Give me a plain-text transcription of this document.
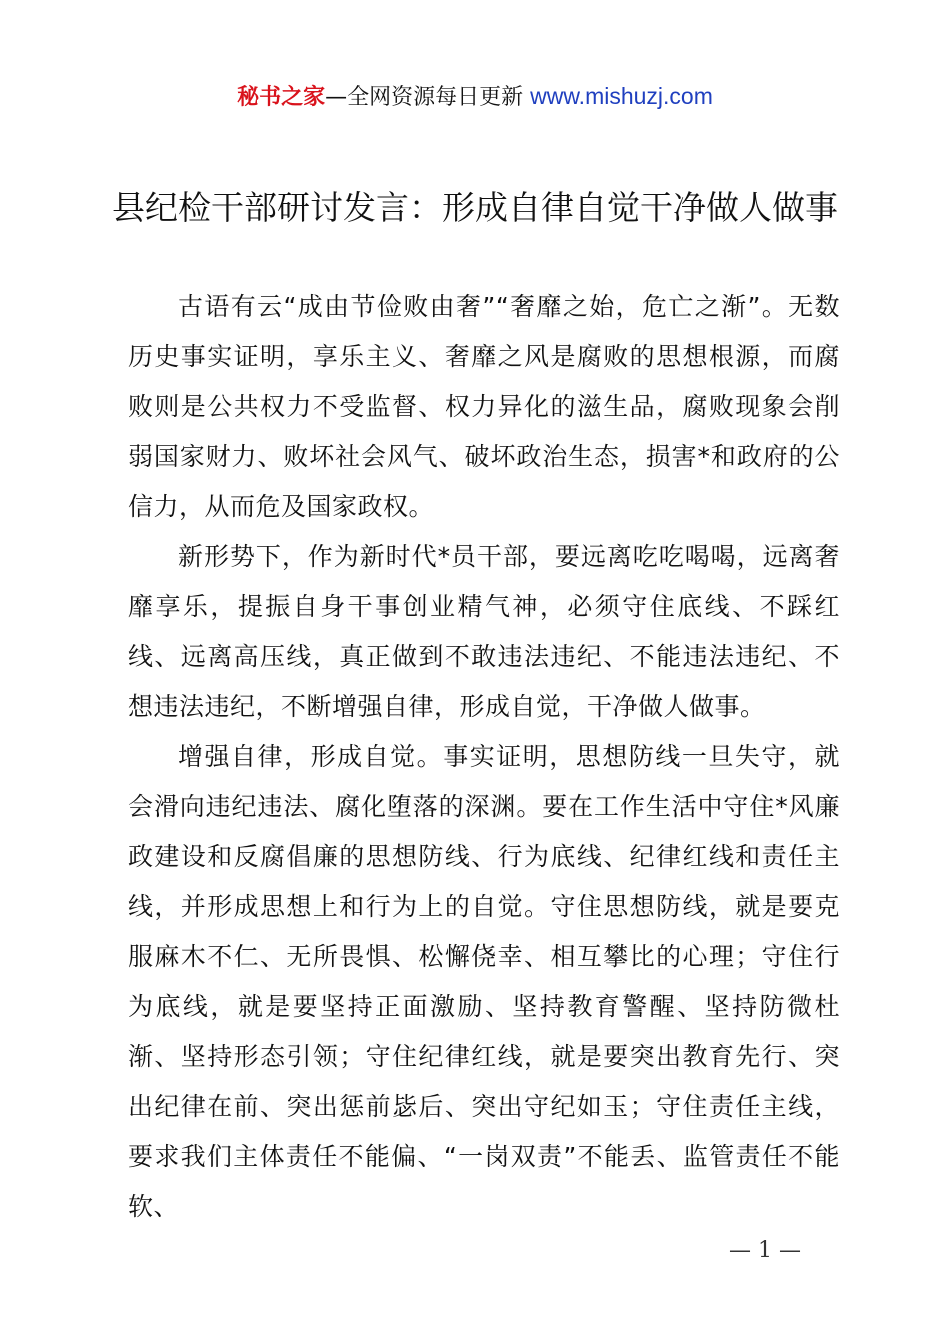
秘书之家—全网资源每日更新 www.mishuzj.com
县纪检干部研讨发言：形成自律自觉干净做人做事

古语有云“成由节俭败由奢”“奢靡之始，危亡之渐”。无数历史事实证明，享乐主义、奢靡之风是腐败的思想根源，而腐败则是公共权力不受监督、权力异化的滋生品，腐败现象会削弱国家财力、败坏社会风气、破坏政治生态，损害*和政府的公信力，从而危及国家政权。

新形势下，作为新时代*员干部，要远离吃吃喝喝，远离奢靡享乐，提振自身干事创业精气神，必须守住底线、不踩红线、远离高压线，真正做到不敢违法违纪、不能违法违纪、不想违法违纪，不断增强自律，形成自觉，干净做人做事。

增强自律，形成自觉。事实证明，思想防线一旦失守，就会滑向违纪违法、腐化堕落的深渊。要在工作生活中守住*风廉政建设和反腐倡廉的思想防线、行为底线、纪律红线和责任主线，并形成思想上和行为上的自觉。守住思想防线，就是要克服麻木不仁、无所畏惧、松懈侥幸、相互攀比的心理；守住行为底线，就是要坚持正面激励、坚持教育警醒、坚持防微杜渐、坚持形态引领；守住纪律红线，就是要突出教育先行、突出纪律在前、突出惩前毖后、突出守纪如玉；守住责任主线，要求我们主体责任不能偏、“一岗双责”不能丢、监管责任不能软、

— 1 —
